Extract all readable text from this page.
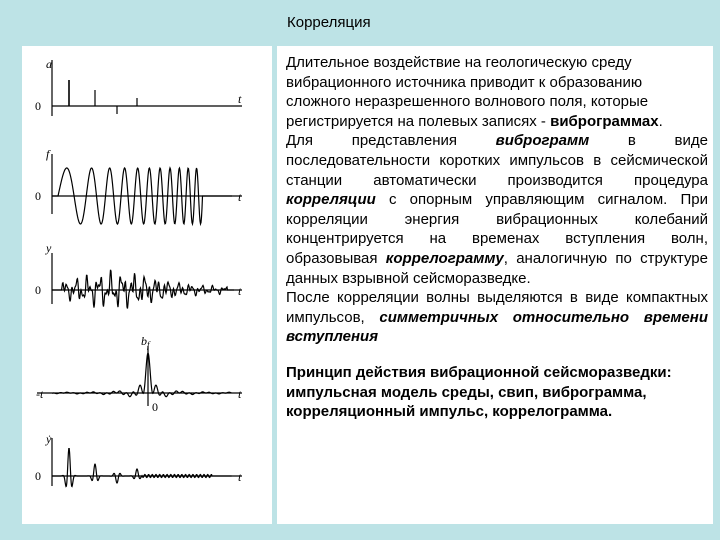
Корреляция
a
0	t
f
0	t
y
0	t
$b_f$
-t
0
t
ẏ
0	t

Длительное воздействие на геологическую среду вибрационного источника приводит к образованию сложного неразрешенного волнового поля, которые регистрируется на полевых записях - виброграммах.

Для представления виброграмм в виде последовательности коротких импульсов в сейсмической станции автоматически производится процедура корреляции с опорным управляющим сигналом. При корреляции энергия вибрационных колебаний концентрируется на временах вступления волн, образовывая коррелограмму, аналогичную по структуре данных взрывной сейсморазведке.

После корреляции волны выделяются в виде компактных импульсов, симметричных относительно времени вступления

Принцип действия вибрационной сейсморазведки: импульсная модель среды, свип, виброграмма, корреляционный импульс, коррелограмма.
